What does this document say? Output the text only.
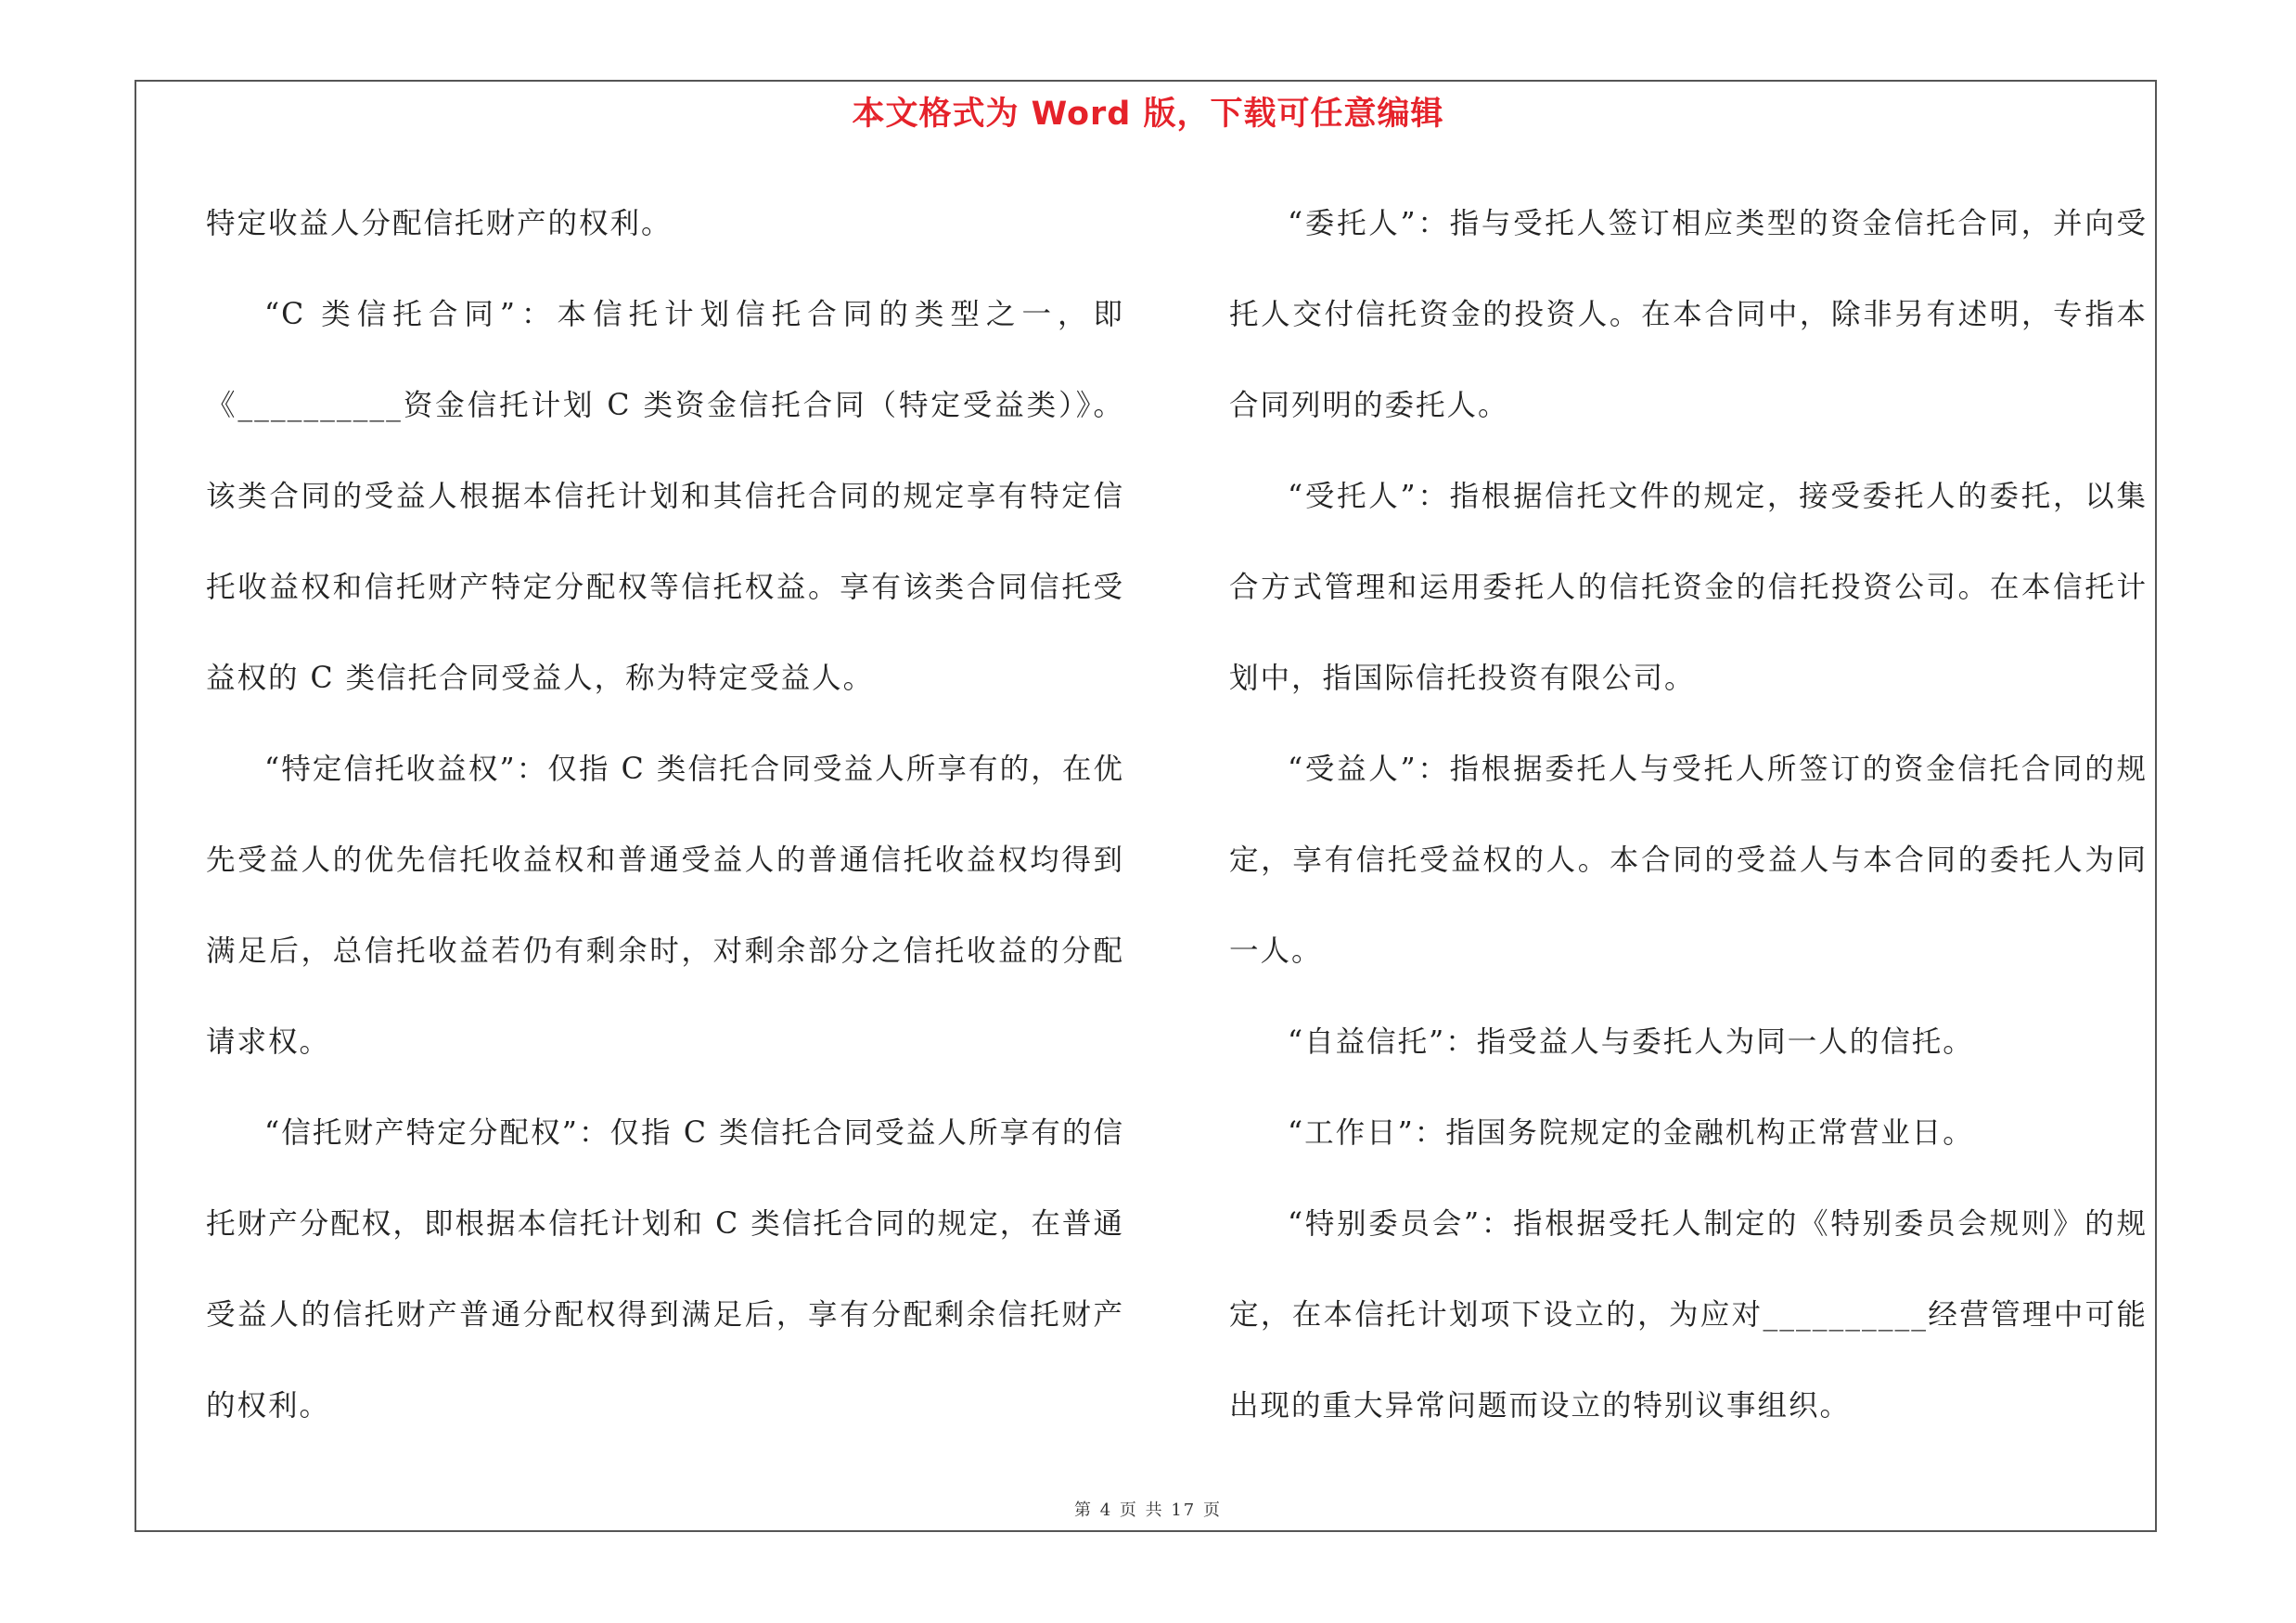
本文格式为 Word 版，下载可任意编辑

特定收益人分配信托财产的权利。

“C 类信托合同”：本信托计划信托合同的类型之一，即《__________资金信托计划 C 类资金信托合同（特定受益类）》。该类合同的受益人根据本信托计划和其信托合同的规定享有特定信托收益权和信托财产特定分配权等信托权益。享有该类合同信托受益权的 C 类信托合同受益人，称为特定受益人。

“特定信托收益权”：仅指 C 类信托合同受益人所享有的，在优先受益人的优先信托收益权和普通受益人的普通信托收益权均得到满足后，总信托收益若仍有剩余时，对剩余部分之信托收益的分配请求权。

“信托财产特定分配权”：仅指 C 类信托合同受益人所享有的信托财产分配权，即根据本信托计划和 C 类信托合同的规定，在普通受益人的信托财产普通分配权得到满足后，享有分配剩余信托财产的权利。

“委托人”：指与受托人签订相应类型的资金信托合同，并向受托人交付信托资金的投资人。在本合同中，除非另有述明，专指本合同列明的委托人。

“受托人”：指根据信托文件的规定，接受委托人的委托，以集合方式管理和运用委托人的信托资金的信托投资公司。在本信托计划中，指国际信托投资有限公司。

“受益人”：指根据委托人与受托人所签订的资金信托合同的规定，享有信托受益权的人。本合同的受益人与本合同的委托人为同一人。

“自益信托”：指受益人与委托人为同一人的信托。

“工作日”：指国务院规定的金融机构正常营业日。

“特别委员会”：指根据受托人制定的《特别委员会规则》的规定，在本信托计划项下设立的，为应对__________经营管理中可能出现的重大异常问题而设立的特别议事组织。

第 4 页 共 17 页
